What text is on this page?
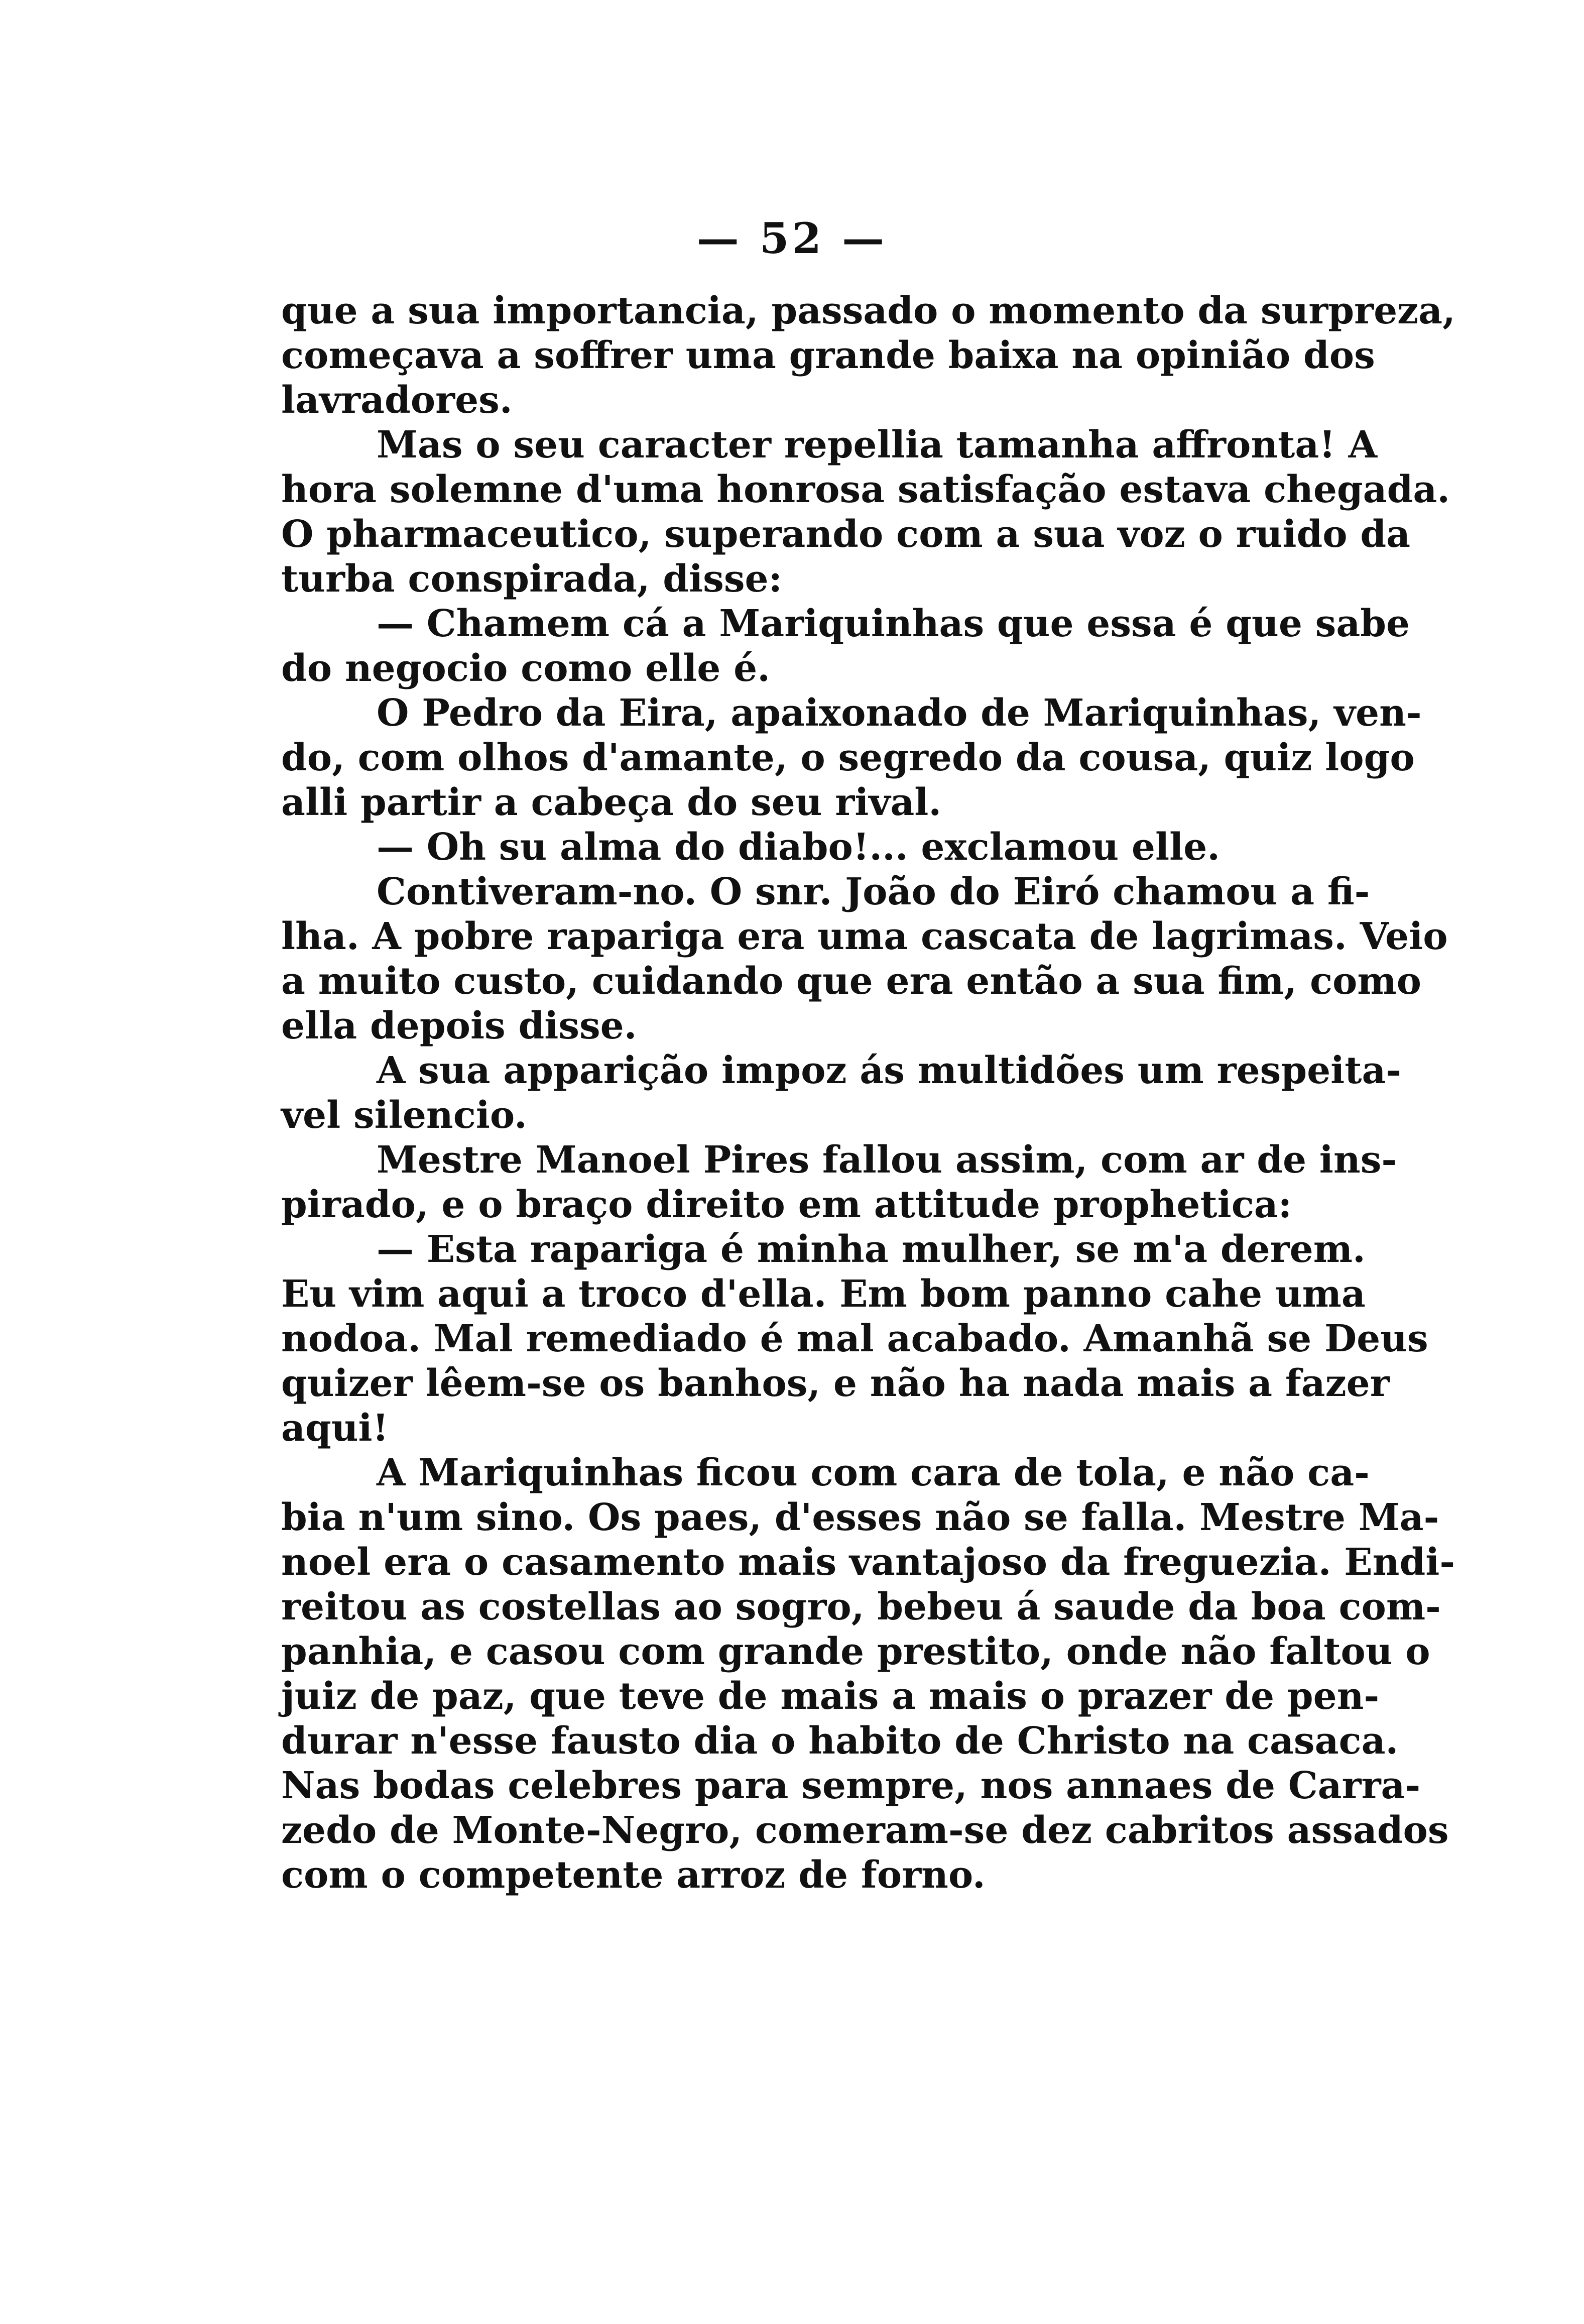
— 52 —
que a sua importancia, passado o momento da surpreza,
começava a soffrer uma grande baixa na opinião dos
lavradores.
Mas o seu caracter repellia tamanha affronta! A
hora solemne d'uma honrosa satisfação estava chegada.
O pharmaceutico, superando com a sua voz o ruido da
turba conspirada, disse:
— Chamem cá a Mariquinhas que essa é que sabe
do negocio como elle é.
O Pedro da Eira, apaixonado de Mariquinhas, ven-
do, com olhos d'amante, o segredo da cousa, quiz logo
alli partir a cabeça do seu rival.
— Oh su alma do diabo!... exclamou elle.
Contiveram-no. O snr. João do Eiró chamou a fi-
lha. A pobre rapariga era uma cascata de lagrimas. Veio
a muito custo, cuidando que era então a sua fim, como
ella depois disse.
A sua apparição impoz ás multidões um respeita-
vel silencio.
Mestre Manoel Pires fallou assim, com ar de ins-
pirado, e o braço direito em attitude prophetica:
— Esta rapariga é minha mulher, se m'a derem.
Eu vim aqui a troco d'ella. Em bom panno cahe uma
nodoa. Mal remediado é mal acabado. Amanhã se Deus
quizer lêem-se os banhos, e não ha nada mais a fazer
aqui!
A Mariquinhas ficou com cara de tola, e não ca-
bia n'um sino. Os paes, d'esses não se falla. Mestre Ma-
noel era o casamento mais vantajoso da freguezia. Endi-
reitou as costellas ao sogro, bebeu á saude da boa com-
panhia, e casou com grande prestito, onde não faltou o
juiz de paz, que teve de mais a mais o prazer de pen-
durar n'esse fausto dia o habito de Christo na casaca.
Nas bodas celebres para sempre, nos annaes de Carra-
zedo de Monte-Negro, comeram-se dez cabritos assados
com o competente arroz de forno.
